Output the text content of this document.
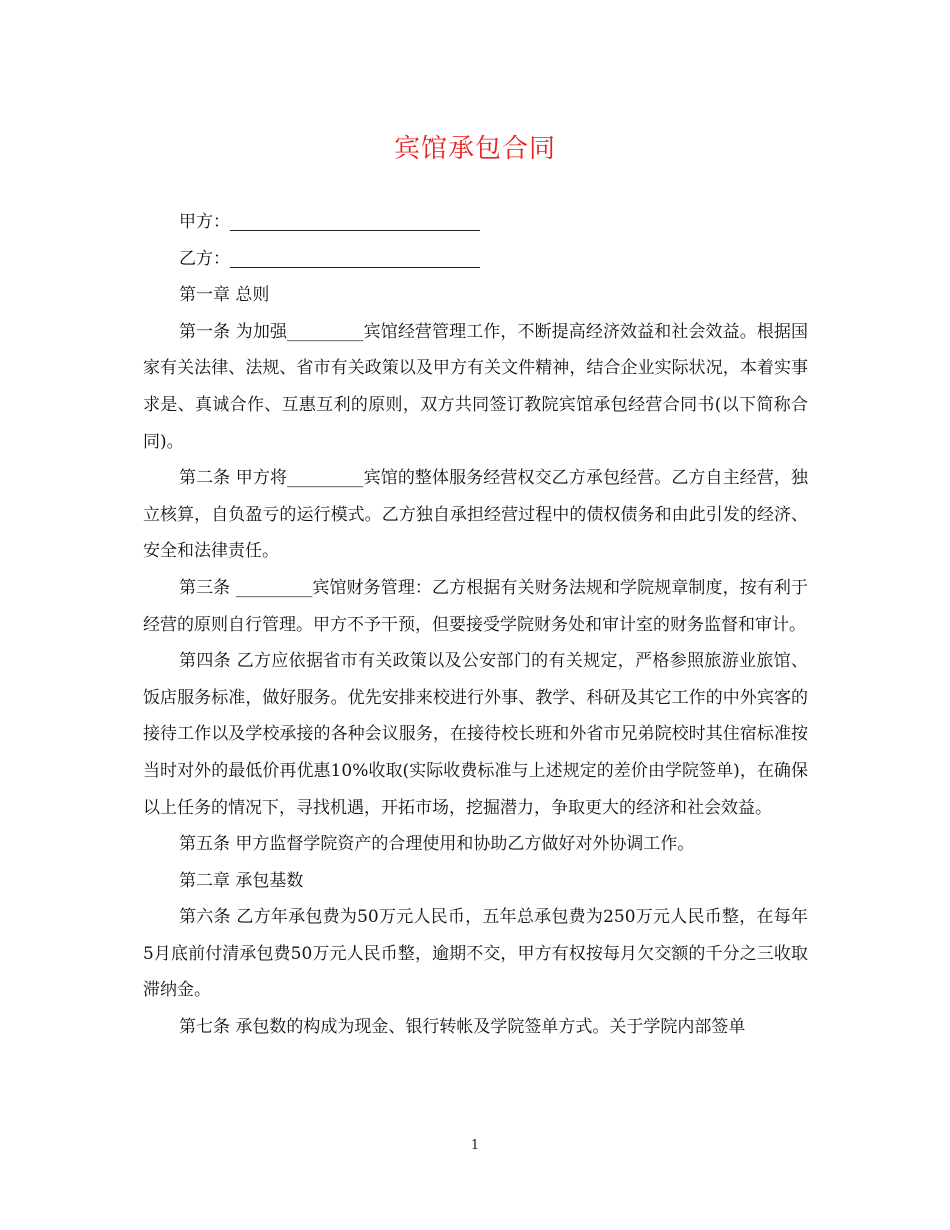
宾馆承包合同

甲方：

乙方：

第一章 总则

第一条 为加强_________宾馆经营管理工作，不断提高经济效益和社会效益。根据国家有关法律、法规、省市有关政策以及甲方有关文件精神，结合企业实际状况，本着实事求是、真诚合作、互惠互利的原则，双方共同签订教院宾馆承包经营合同书(以下简称合同)。

第二条 甲方将_________宾馆的整体服务经营权交乙方承包经营。乙方自主经营，独立核算，自负盈亏的运行模式。乙方独自承担经营过程中的债权债务和由此引发的经济、安全和法律责任。

第三条 _________宾馆财务管理：乙方根据有关财务法规和学院规章制度，按有利于经营的原则自行管理。甲方不予干预，但要接受学院财务处和审计室的财务监督和审计。

第四条 乙方应依据省市有关政策以及公安部门的有关规定，严格参照旅游业旅馆、饭店服务标准，做好服务。优先安排来校进行外事、教学、科研及其它工作的中外宾客的接待工作以及学校承接的各种会议服务，在接待校长班和外省市兄弟院校时其住宿标准按当时对外的最低价再优惠10%收取(实际收费标准与上述规定的差价由学院签单)，在确保以上任务的情况下，寻找机遇，开拓市场，挖掘潜力，争取更大的经济和社会效益。

第五条 甲方监督学院资产的合理使用和协助乙方做好对外协调工作。

第二章 承包基数

第六条 乙方年承包费为50万元人民币，五年总承包费为250万元人民币整，在每年5月底前付清承包费50万元人民币整，逾期不交，甲方有权按每月欠交额的千分之三收取滞纳金。

第七条 承包数的构成为现金、银行转帐及学院签单方式。关于学院内部签单

1
